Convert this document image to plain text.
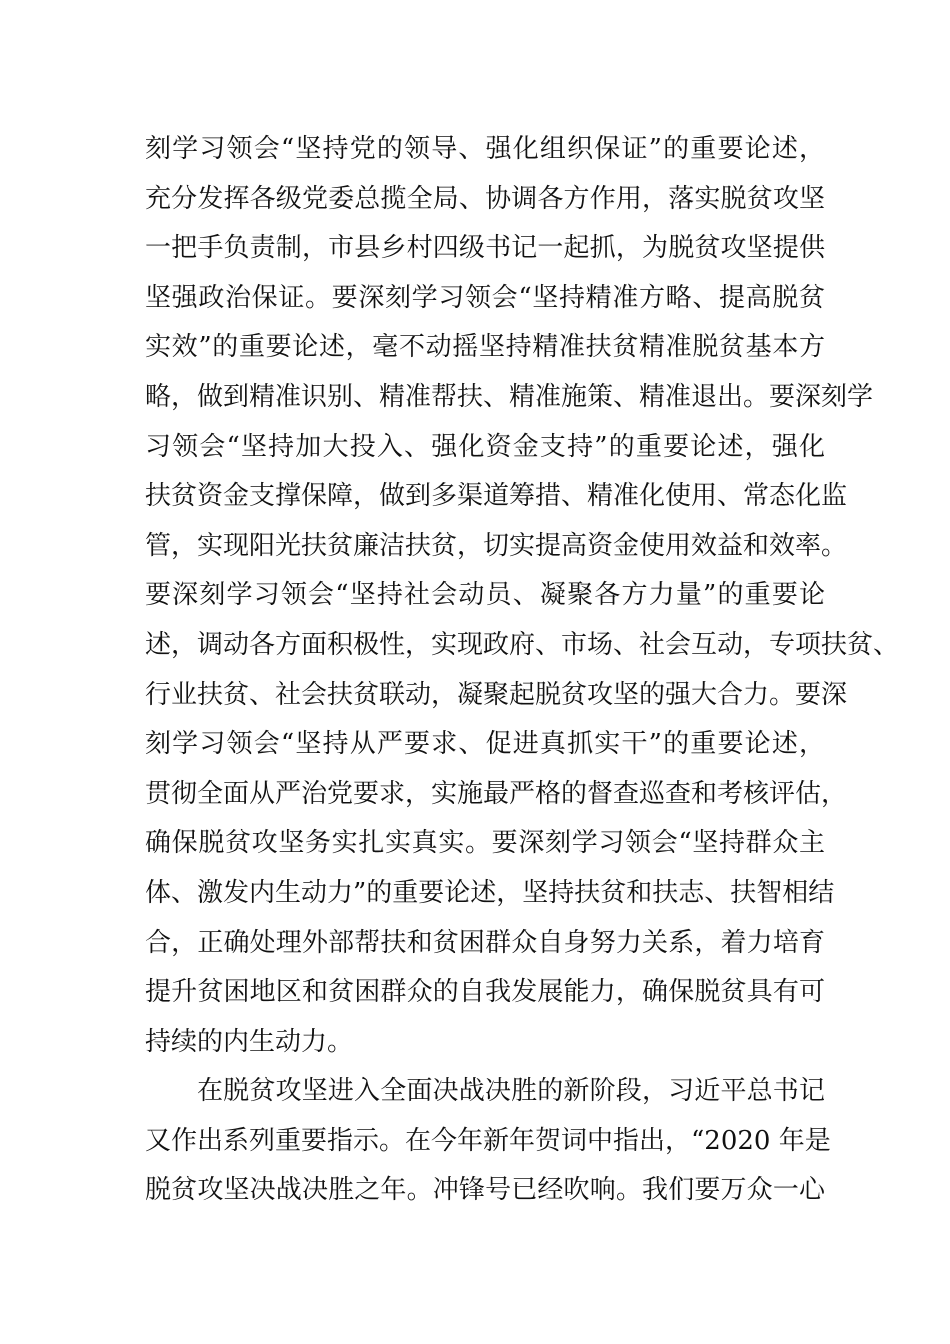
刻学习领会“坚持党的领导、强化组织保证”的重要论述，
充分发挥各级党委总揽全局、协调各方作用，落实脱贫攻坚
一把手负责制，市县乡村四级书记一起抓，为脱贫攻坚提供
坚强政治保证。要深刻学习领会“坚持精准方略、提高脱贫
实效”的重要论述，毫不动摇坚持精准扶贫精准脱贫基本方
略，做到精准识别、精准帮扶、精准施策、精准退出。要深刻学
习领会“坚持加大投入、强化资金支持”的重要论述，强化
扶贫资金支撑保障，做到多渠道筹措、精准化使用、常态化监
管，实现阳光扶贫廉洁扶贫，切实提高资金使用效益和效率。
要深刻学习领会“坚持社会动员、凝聚各方力量”的重要论
述，调动各方面积极性，实现政府、市场、社会互动，专项扶贫、
行业扶贫、社会扶贫联动，凝聚起脱贫攻坚的强大合力。要深
刻学习领会“坚持从严要求、促进真抓实干”的重要论述，
贯彻全面从严治党要求，实施最严格的督查巡查和考核评估，
确保脱贫攻坚务实扎实真实。要深刻学习领会“坚持群众主
体、激发内生动力”的重要论述，坚持扶贫和扶志、扶智相结
合，正确处理外部帮扶和贫困群众自身努力关系，着力培育
提升贫困地区和贫困群众的自我发展能力，确保脱贫具有可
持续的内生动力。
在脱贫攻坚进入全面决战决胜的新阶段，习近平总书记
又作出系列重要指示。在今年新年贺词中指出，“2020 年是
脱贫攻坚决战决胜之年。冲锋号已经吹响。我们要万众一心
